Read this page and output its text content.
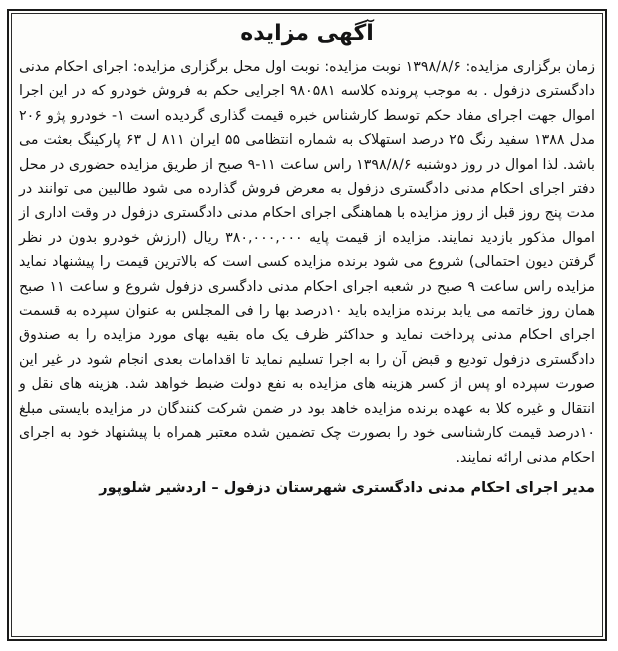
آگهی مزایده

زمان برگزاری مزایده: ۱۳۹۸/۸/۶ نوبت مزایده: نوبت اول محل برگزاری مزایده: اجرای احکام مدنی دادگستری دزفول . به موجب پرونده کلاسه ۹۸۰۵۸۱ اجرایی حکم به فروش خودرو که در این اجرا اموال جهت اجرای مفاد حکم توسط کارشناس خبره قیمت گذاری گردیده است ۱- خودرو پژو ۲۰۶ مدل ۱۳۸۸ سفید رنگ ۲۵ درصد استهلاک به شماره انتظامی ۵۵ ایران ۸۱۱ ل ۶۳ پارکینگ بعثت می باشد. لذا اموال در روز دوشنبه ۱۳۹۸/۸/۶ راس ساعت ۱۱-۹ صبح از طریق مزایده حضوری در محل دفتر اجرای احکام مدنی دادگستری دزفول به معرض فروش گذارده می شود طالبین می توانند در مدت پنج روز قبل از روز مزایده با هماهنگی اجرای احکام مدنی دادگستری دزفول در وقت اداری از اموال مذکور بازدید نمایند. مزایده از قیمت پایه ۳۸۰,۰۰۰,۰۰۰ ریال (ارزش خودرو بدون در نظر گرفتن دیون احتمالی) شروع می شود برنده مزایده کسی است که بالاترین قیمت را پیشنهاد نماید مزایده راس ساعت ۹ صبح در شعبه اجرای احکام مدنی دادگسری دزفول شروع و ساعت ۱۱ صبح همان روز خاتمه می یابد برنده مزایده باید ۱۰درصد بها را فی المجلس به عنوان سپرده به قسمت اجرای احکام مدنی پرداخت نماید و حداکثر ظرف یک ماه بقیه بهای مورد مزایده را به صندوق دادگستری دزفول تودیع و قبض آن را به اجرا تسلیم نماید تا اقدامات بعدی انجام شود در غیر این صورت سپرده او پس از کسر هزینه های مزایده به نفع دولت ضبط خواهد شد. هزینه های نقل و انتقال و غیره کلا به عهده برنده مزایده خاهد بود در ضمن شرکت کنندگان در مزایده بایستی مبلغ ۱۰درصد قیمت کارشناسی خود را بصورت چک تضمین شده معتبر همراه با پیشنهاد خود به اجرای احکام مدنی ارائه نمایند.

مدیر اجرای احکام مدنی دادگستری شهرستان دزفول – اردشیر شلوپور
